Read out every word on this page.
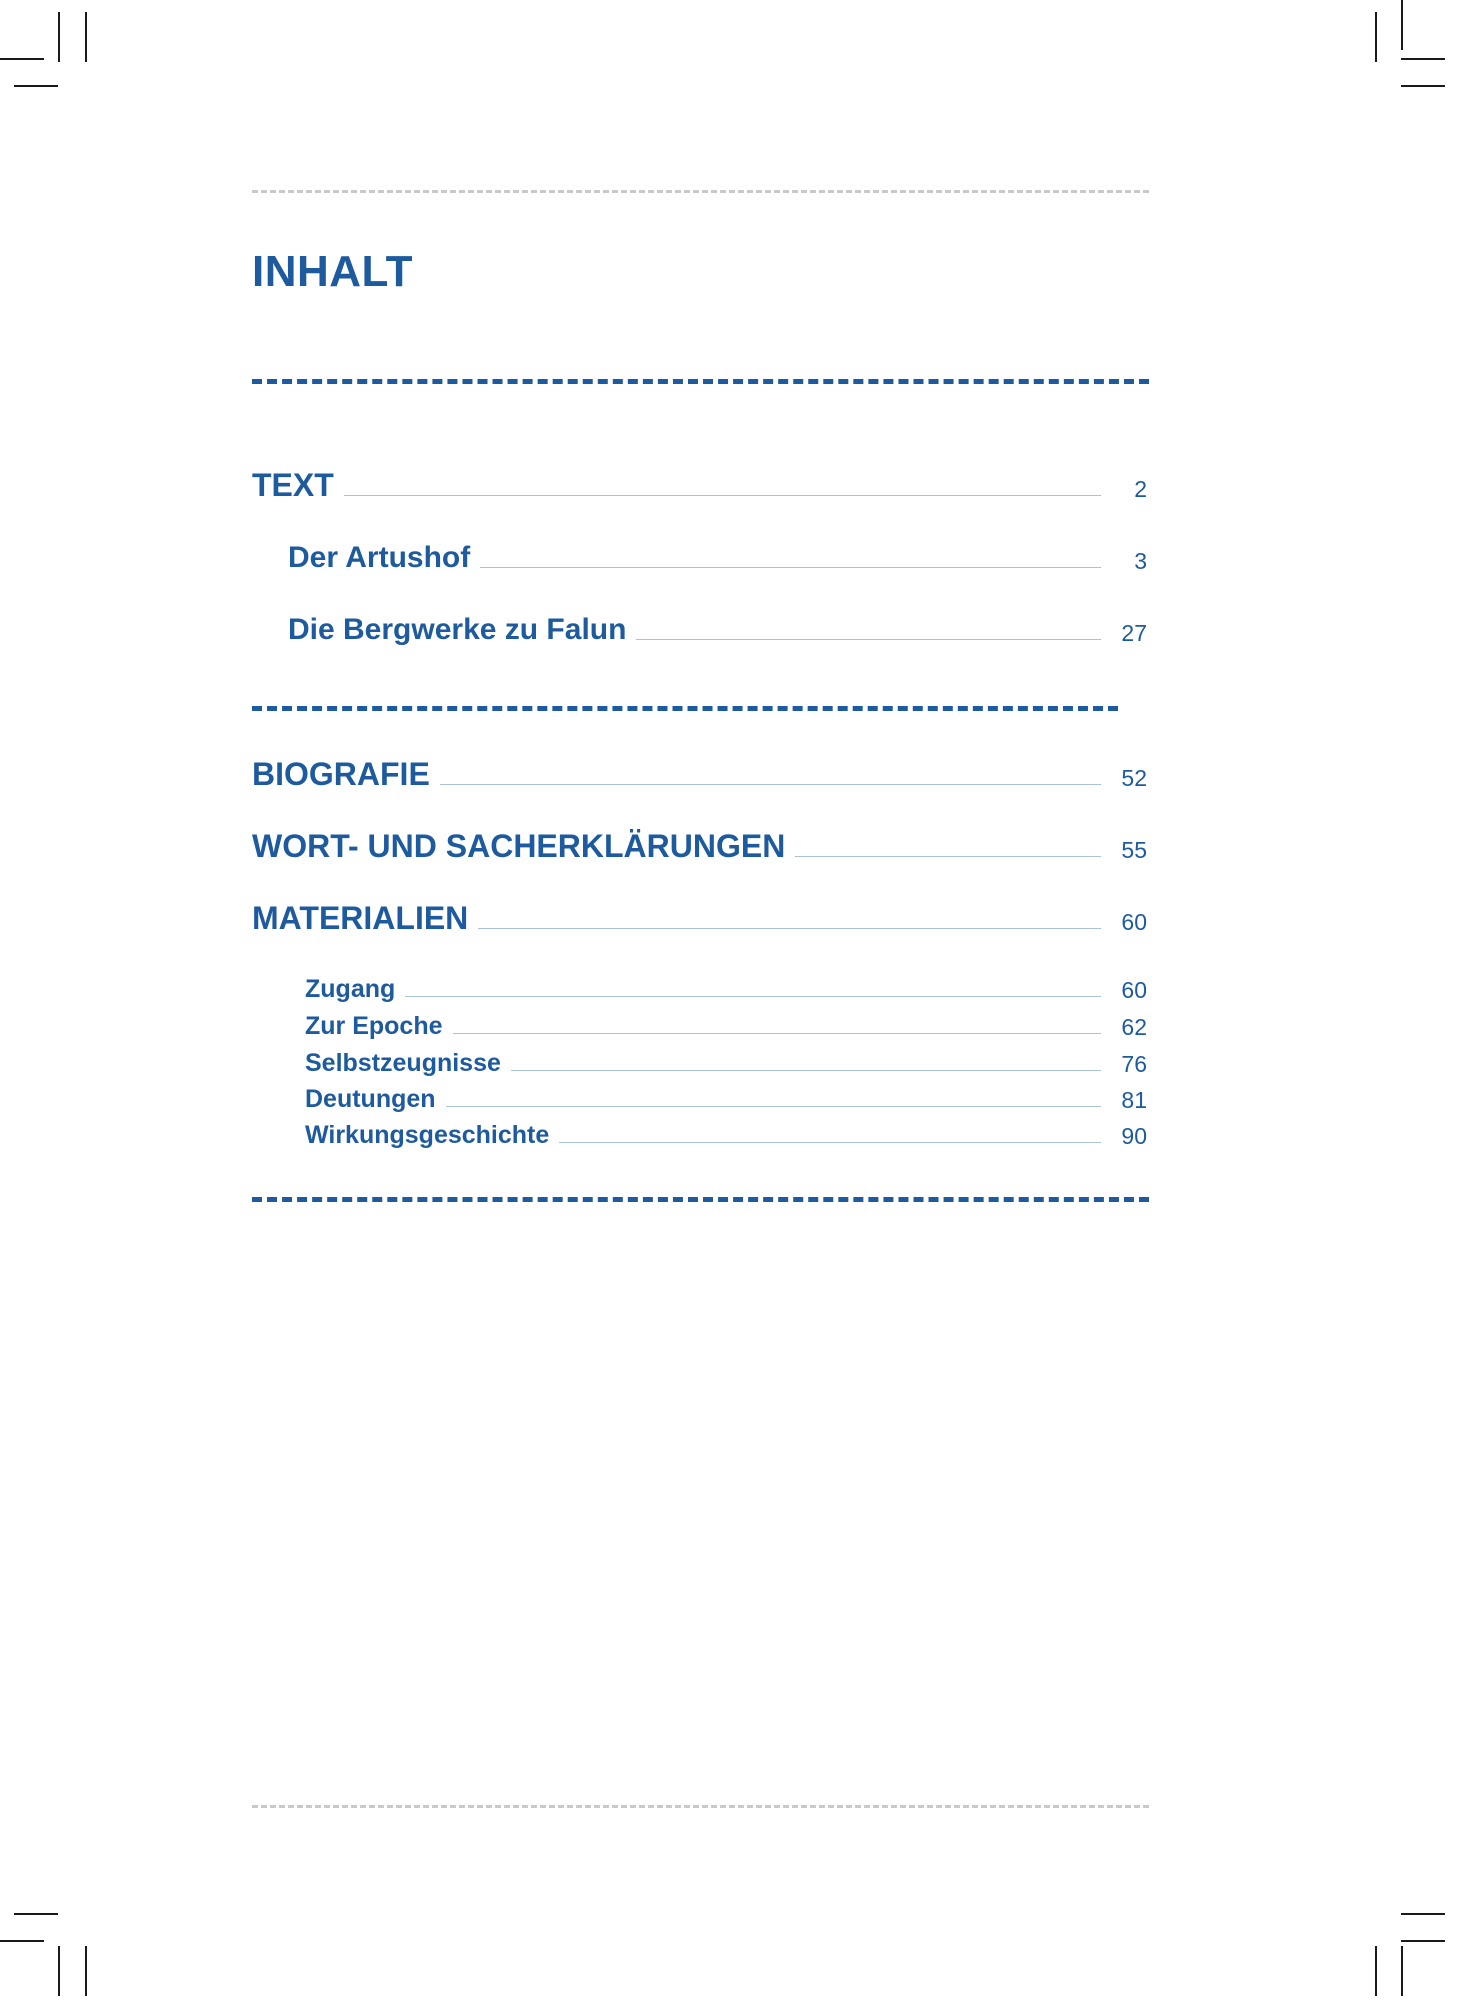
INHALT
TEXT	2
Der Artushof	3
Die Bergwerke zu Falun	27
BIOGRAFIE	52
WORT- UND SACHERKLÄRUNGEN	55
MATERIALIEN	60
Zugang	60
Zur Epoche	62
Selbstzeugnisse	76
Deutungen	81
Wirkungsgeschichte	90
